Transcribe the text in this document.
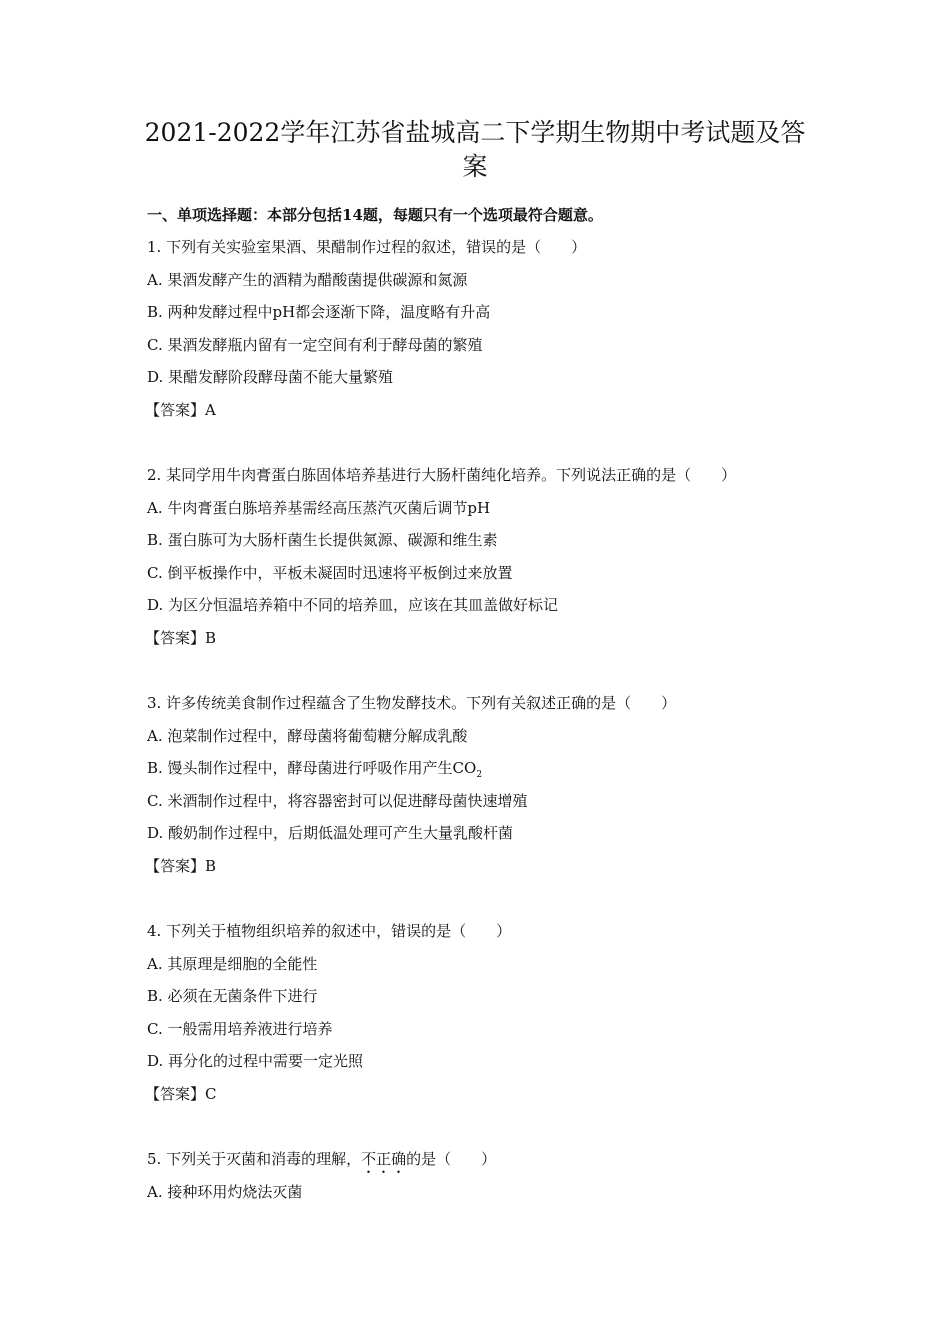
2021-2022学年江苏省盐城高二下学期生物期中考试题及答
案
一、单项选择题：本部分包括14题，每题只有一个选项最符合题意。
1. 下列有关实验室果酒、果醋制作过程的叙述，错误的是（　　）
A. 果酒发酵产生的酒精为醋酸菌提供碳源和氮源
B. 两种发酵过程中pH都会逐渐下降，温度略有升高
C. 果酒发酵瓶内留有一定空间有利于酵母菌的繁殖
D. 果醋发酵阶段酵母菌不能大量繁殖
【答案】A
2. 某同学用牛肉膏蛋白胨固体培养基进行大肠杆菌纯化培养。下列说法正确的是（　　）
A. 牛肉膏蛋白胨培养基需经高压蒸汽灭菌后调节pH
B. 蛋白胨可为大肠杆菌生长提供氮源、碳源和维生素
C. 倒平板操作中，平板未凝固时迅速将平板倒过来放置
D. 为区分恒温培养箱中不同的培养皿，应该在其皿盖做好标记
【答案】B
3. 许多传统美食制作过程蕴含了生物发酵技术。下列有关叙述正确的是（　　）
A. 泡菜制作过程中，酵母菌将葡萄糖分解成乳酸
B. 馒头制作过程中，酵母菌进行呼吸作用产生$CO_2$
C. 米酒制作过程中，将容器密封可以促进酵母菌快速增殖
D. 酸奶制作过程中，后期低温处理可产生大量乳酸杆菌
【答案】B
4. 下列关于植物组织培养的叙述中，错误的是（　　）
A. 其原理是细胞的全能性
B. 必须在无菌条件下进行
C. 一般需用培养液进行培养
D. 再分化的过程中需要一定光照
【答案】C
5. 下列关于灭菌和消毒的理解，不正确的是（　　）
A. 接种环用灼烧法灭菌
